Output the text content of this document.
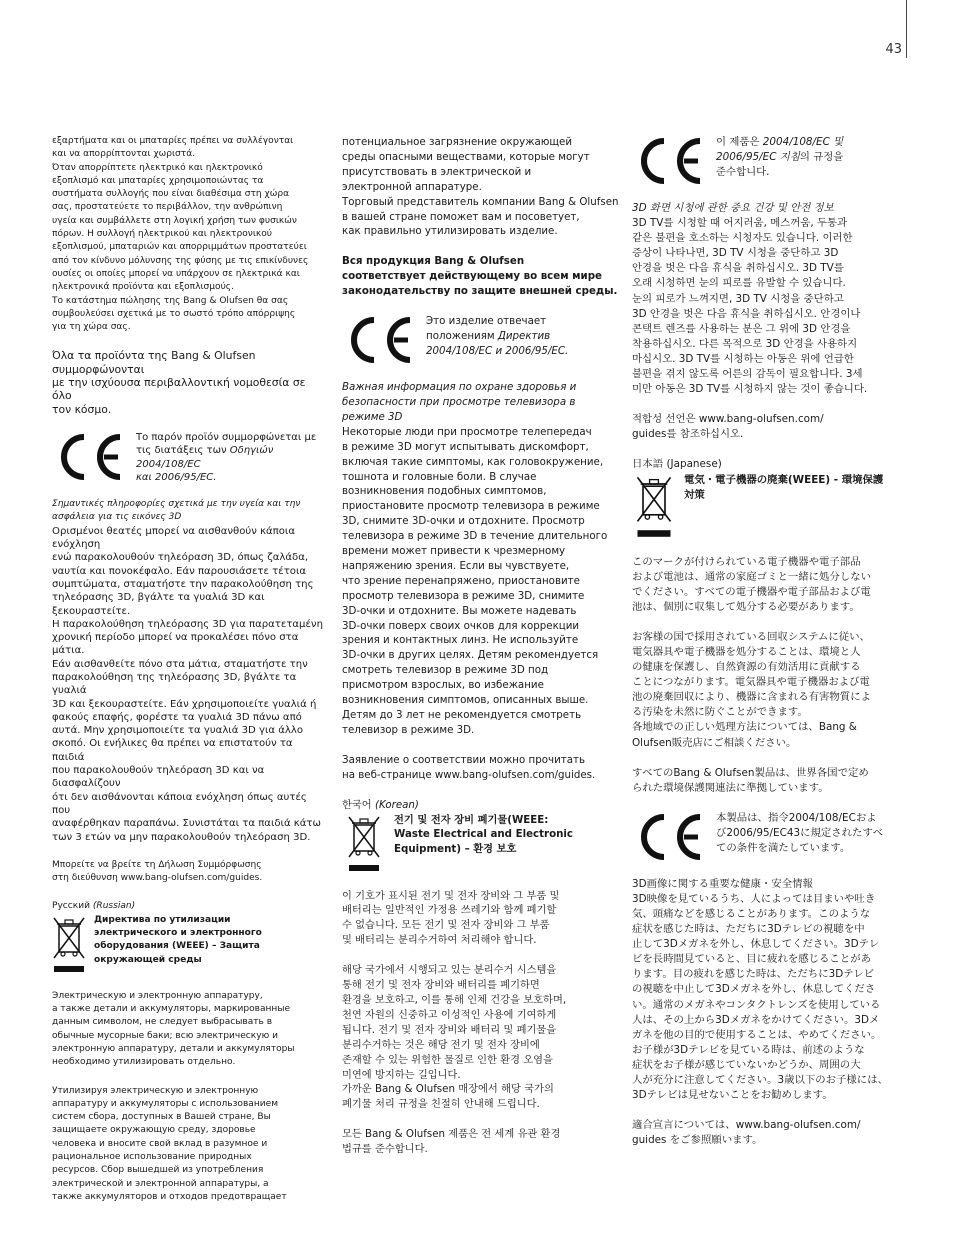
43

εξαρτήματα και οι μπαταρίες πρέπει να συλλέγονται
και να απορρίπτονται χωριστά.
Όταν απορρίπτετε ηλεκτρικό και ηλεκτρονικό
εξοπλισμό και μπαταρίες χρησιμοποιώντας τα
συστήματα συλλογής που είναι διαθέσιμα στη χώρα
σας, προστατεύετε το περιβάλλον, την ανθρώπινη
υγεία και συμβάλλετε στη λογική χρήση των φυσικών
πόρων. Η συλλογή ηλεκτρικού και ηλεκτρονικού
εξοπλισμού, μπαταριών και απορριμμάτων προστατεύει
από τον κίνδυνο μόλυνσης της φύσης με τις επικίνδυνες
ουσίες οι οποίες μπορεί να υπάρχουν σε ηλεκτρικά και
ηλεκτρονικά προϊόντα και εξοπλισμούς.
Το κατάστημα πώλησης της Bang & Olufsen θα σας
συμβουλεύσει σχετικά με το σωστό τρόπο απόρριψης
για τη χώρα σας.

Όλα τα προϊόντα της Bang & Olufsen συμμορφώνονται
με την ισχύουσα περιβαλλοντική νομοθεσία σε όλο
τον κόσμο.

Το παρόν προϊόν συμμορφώνεται με
τις διατάξεις των Οδηγιών 2004/108/EC
και 2006/95/EC.

Σημαντικές πληροφορίες σχετικά με την υγεία και την
ασφάλεια για τις εικόνες 3D

Ορισμένοι θεατές μπορεί να αισθανθούν κάποια ενόχληση
ενώ παρακολουθούν τηλεόραση 3D, όπως ζαλάδα,
ναυτία και πονοκέφαλο. Εάν παρουσιάσετε τέτοια
συμπτώματα, σταματήστε την παρακολούθηση της
τηλεόρασης 3D, βγάλτε τα γυαλιά 3D και ξεκουραστείτε.
Η παρακολούθηση τηλεόρασης 3D για παρατεταμένη
χρονική περίοδο μπορεί να προκαλέσει πόνο στα μάτια.
Εάν αισθανθείτε πόνο στα μάτια, σταματήστε την
παρακολούθηση της τηλεόρασης 3D, βγάλτε τα γυαλιά
3D και ξεκουραστείτε. Εάν χρησιμοποιείτε γυαλιά ή
φακούς επαφής, φορέστε τα γυαλιά 3D πάνω από
αυτά. Μην χρησιμοποιείτε τα γυαλιά 3D για άλλο
σκοπό. Οι ενήλικες θα πρέπει να επιστατούν τα παιδιά
που παρακολουθούν τηλεόραση 3D και να διασφαλίζουν
ότι δεν αισθάνονται κάποια ενόχληση όπως αυτές που
αναφέρθηκαν παραπάνω. Συνιστάται τα παιδιά κάτω
των 3 ετών να μην παρακολουθούν τηλεόραση 3D.

Μπορείτε να βρείτε τη Δήλωση Συμμόρφωσης
στη διεύθυνση www.bang-olufsen.com/guides.

Русский (Russian)

Директива по утилизации
электрического и электронного
оборудования (WEEE) – Защита
окружающей среды

Электрическую и электронную аппаратуру,
а также детали и аккумуляторы, маркированные
данным символом, не следует выбрасывать в
обычные мусорные баки; всю электрическую и
электронную аппаратуру, детали и аккумуляторы
необходимо утилизировать отдельно.

Утилизируя электрическую и электронную
аппаратуру и аккумуляторы с использованием
систем сбора, доступных в Вашей стране, Вы
защищаете окружающую среду, здоровье
человека и вносите свой вклад в разумное и
рациональное использование природных
ресурсов. Сбор вышедшей из употребления
электрической и электронной аппаратуры, а
также аккумуляторов и отходов предотвращает

потенциальное загрязнение окружающей
среды опасными веществами, которые могут
присутствовать в электрической и
электронной аппаратуре.
Торговый представитель компании Bang & Olufsen
в вашей стране поможет вам и посоветует,
как правильно утилизировать изделие.

Вся продукция Bang & Olufsen
соответствует действующему во всем мире
законодательству по защите внешней среды.

Это изделие отвечает
положениям Директив
2004/108/EC и 2006/95/EC.

Важная информация по охране здоровья и
безопасности при просмотре телевизора в
режиме 3D

Некоторые люди при просмотре телепередач
в режиме 3D могут испытывать дискомфорт,
включая такие симптомы, как головокружение,
тошнота и головные боли. В случае
возникновения подобных симптомов,
приостановите просмотр телевизора в режиме
3D, снимите 3D-очки и отдохните. Просмотр
телевизора в режиме 3D в течение длительного
времени может привести к чрезмерному
напряжению зрения. Если вы чувствуете,
что зрение перенапряжено, приостановите
просмотр телевизора в режиме 3D, снимите
3D-очки и отдохните. Вы можете надевать
3D-очки поверх своих очков для коррекции
зрения и контактных линз. Не используйте
3D-очки в других целях. Детям рекомендуется
смотреть телевизор в режиме 3D под
присмотром взрослых, во избежание
возникновения симптомов, описанных выше.
Детям до 3 лет не рекомендуется смотреть
телевизор в режиме 3D.

Заявление о соответствии можно прочитать
на веб-странице www.bang-olufsen.com/guides.

한국어 (Korean)

전기 및 전자 장비 폐기물(WEEE:
Waste Electrical and Electronic
Equipment) – 환경 보호

이 기호가 표시된 전기 및 전자 장비와 그 부품 및
배터리는 일반적인 가정용 쓰레기와 함께 폐기할
수 없습니다. 모든 전기 및 전자 장비와 그 부품
및 배터리는 분리수거하여 처리해야 합니다.

해당 국가에서 시행되고 있는 분리수거 시스템을
통해 전기 및 전자 장비와 배터리를 폐기하면
환경을 보호하고, 이를 통해 인체 건강을 보호하며,
천연 자원의 신중하고 이성적인 사용에 기여하게
됩니다. 전기 및 전자 장비와 배터리 및 폐기물을
분리수거하는 것은 해당 전기 및 전자 장비에
존재할 수 있는 위험한 물질로 인한 환경 오염을
미연에 방지하는 길입니다.
가까운 Bang & Olufsen 매장에서 해당 국가의
폐기물 처리 규정을 친절히 안내해 드립니다.

모든 Bang & Olufsen 제품은 전 세계 유관 환경
법규를 준수합니다.

이 제품은 2004/108/EC 및
2006/95/EC 지침의 규정을
준수합니다.

3D 화면 시청에 관한 중요 건강 및 안전 정보

3D TV를 시청할 때 어지러움, 메스꺼움, 두통과
같은 불편을 호소하는 시청자도 있습니다. 이러한
증상이 나타나면, 3D TV 시청을 중단하고 3D
안경을 벗은 다음 휴식을 취하십시오. 3D TV를
오래 시청하면 눈의 피로를 유발할 수 있습니다.
눈의 피로가 느껴지면, 3D TV 시청을 중단하고
3D 안경을 벗은 다음 휴식을 취하십시오. 안경이나
콘택트 렌즈를 사용하는 분은 그 위에 3D 안경을
착용하십시오. 다른 목적으로 3D 안경을 사용하지
마십시오. 3D TV를 시청하는 아동은 위에 언급한
불편을 겪지 않도록 어른의 감독이 필요합니다. 3세
미만 아동은 3D TV를 시청하지 않는 것이 좋습니다.

적합성 선언은 www.bang-olufsen.com/
guides를 참조하십시오.

日本語 (Japanese)

電気・電子機器の廃棄(WEEE) - 環境保護
対策

このマークが付けられている電子機器や電子部品
および電池は、通常の家庭ゴミと一緒に処分しない
でください。すべての電子機器や電子部品および電
池は、個別に収集して処分する必要があります。

お客様の国で採用されている回収システムに従い、
電気器具や電子機器を処分することは、環境と人
の健康を保護し、自然資源の有効活用に貢献する
ことにつながります。電気器具や電子機器および電
池の廃棄回収により、機器に含まれる有害物質によ
る汚染を未然に防ぐことができます。
各地域での正しい処理方法については、Bang &
Olufsen販売店にご相談ください。

すべてのBang & Olufsen製品は、世界各国で定め
られた環境保護関連法に準拠しています。

本製品は、指令2004/108/ECおよ
び2006/95/EC43に規定されたすべ
ての条件を満たしています。

3D画像に関する重要な健康・安全情報

3D映像を見ているうち、人によっては目まいや吐き
気、頭痛などを感じることがあります。このような
症状を感じた時は、ただちに3Dテレビの視聴を中
止して3Dメガネを外し、休息してください。3Dテレ
ビを長時間見ていると、目に疲れを感じることがあ
ります。目の疲れを感じた時は、ただちに3Dテレビ
の視聴を中止して3Dメガネを外し、休息してくださ
い。通常のメガネやコンタクトレンズを使用している
人は、その上から3Dメガネをかけてください。3Dメ
ガネを他の目的で使用することは、やめてください。
お子様が3Dテレビを見ている時は、前述のような
症状をお子様が感じていないかどうか、周囲の大
人が充分に注意してください。3歳以下のお子様には、
3Dテレビは見せないことをお勧めします。

適合宣言については、www.bang-olufsen.com/
guides をご参照願います。
